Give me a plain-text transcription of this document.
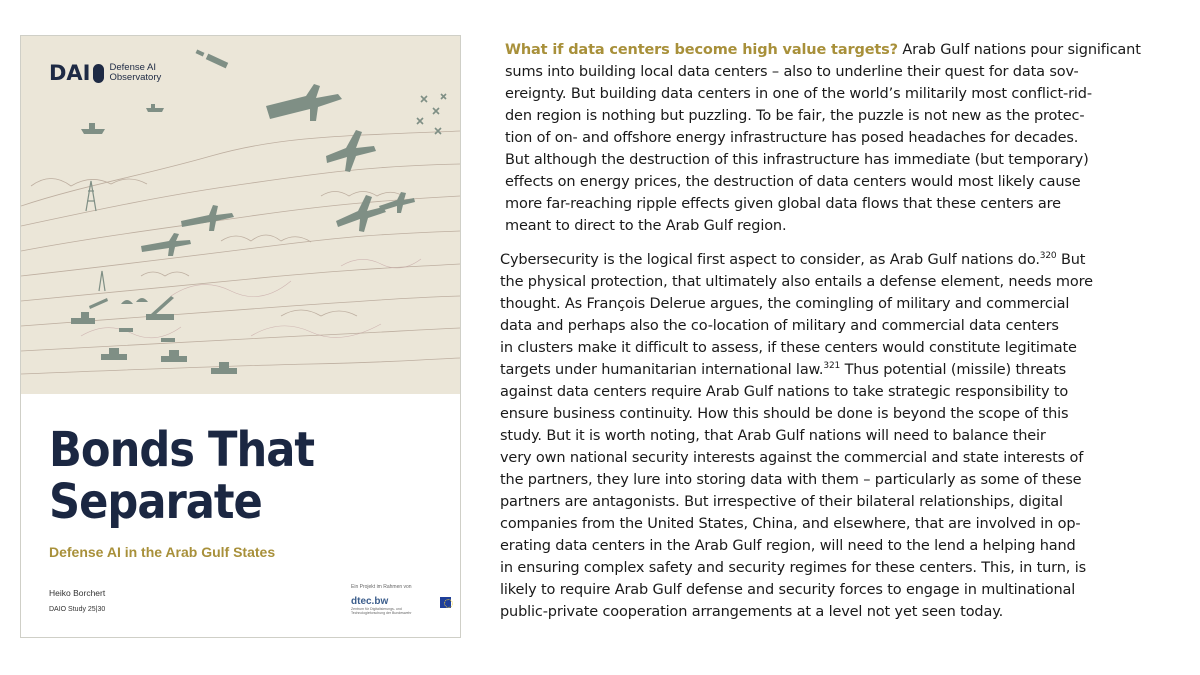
DAI Defense AI
Observatory
Bonds That
Separate
Defense AI in the Arab Gulf States
Heiko Borchert
DAIO Study 25|30
Ein Projekt im Rahmen von
dtec.bw
Zentrum für Digitalisierungs- und Technologieforschung der Bundeswehr
What if data centers become high value targets? Arab Gulf nations pour significant
sums into building local data centers – also to underline their quest for data sov-
ereignty. But building data centers in one of the world’s militarily most conflict-rid-
den region is nothing but puzzling. To be fair, the puzzle is not new as the protec-
tion of on- and offshore energy infrastructure has posed headaches for decades.
But although the destruction of this infrastructure has immediate (but temporary)
effects on energy prices, the destruction of data centers would most likely cause
more far-reaching ripple effects given global data flows that these centers are
meant to direct to the Arab Gulf region.
Cybersecurity is the logical first aspect to consider, as Arab Gulf nations do.$^{320}$ But
the physical protection, that ultimately also entails a defense element, needs more
thought. As François Delerue argues, the comingling of military and commercial
data and perhaps also the co-location of military and commercial data centers
in clusters make it difficult to assess, if these centers would constitute legitimate
targets under humanitarian international law.$^{321}$ Thus potential (missile) threats
against data centers require Arab Gulf nations to take strategic responsibility to
ensure business continuity. How this should be done is beyond the scope of this
study. But it is worth noting, that Arab Gulf nations will need to balance their
very own national security interests against the commercial and state interests of
the partners, they lure into storing data with them – particularly as some of these
partners are antagonists. But irrespective of their bilateral relationships, digital
companies from the United States, China, and elsewhere, that are involved in op-
erating data centers in the Arab Gulf region, will need to the lend a helping hand
in ensuring complex safety and security regimes for these centers. This, in turn, is
likely to require Arab Gulf defense and security forces to engage in multinational
public-private cooperation arrangements at a level not yet seen today.
